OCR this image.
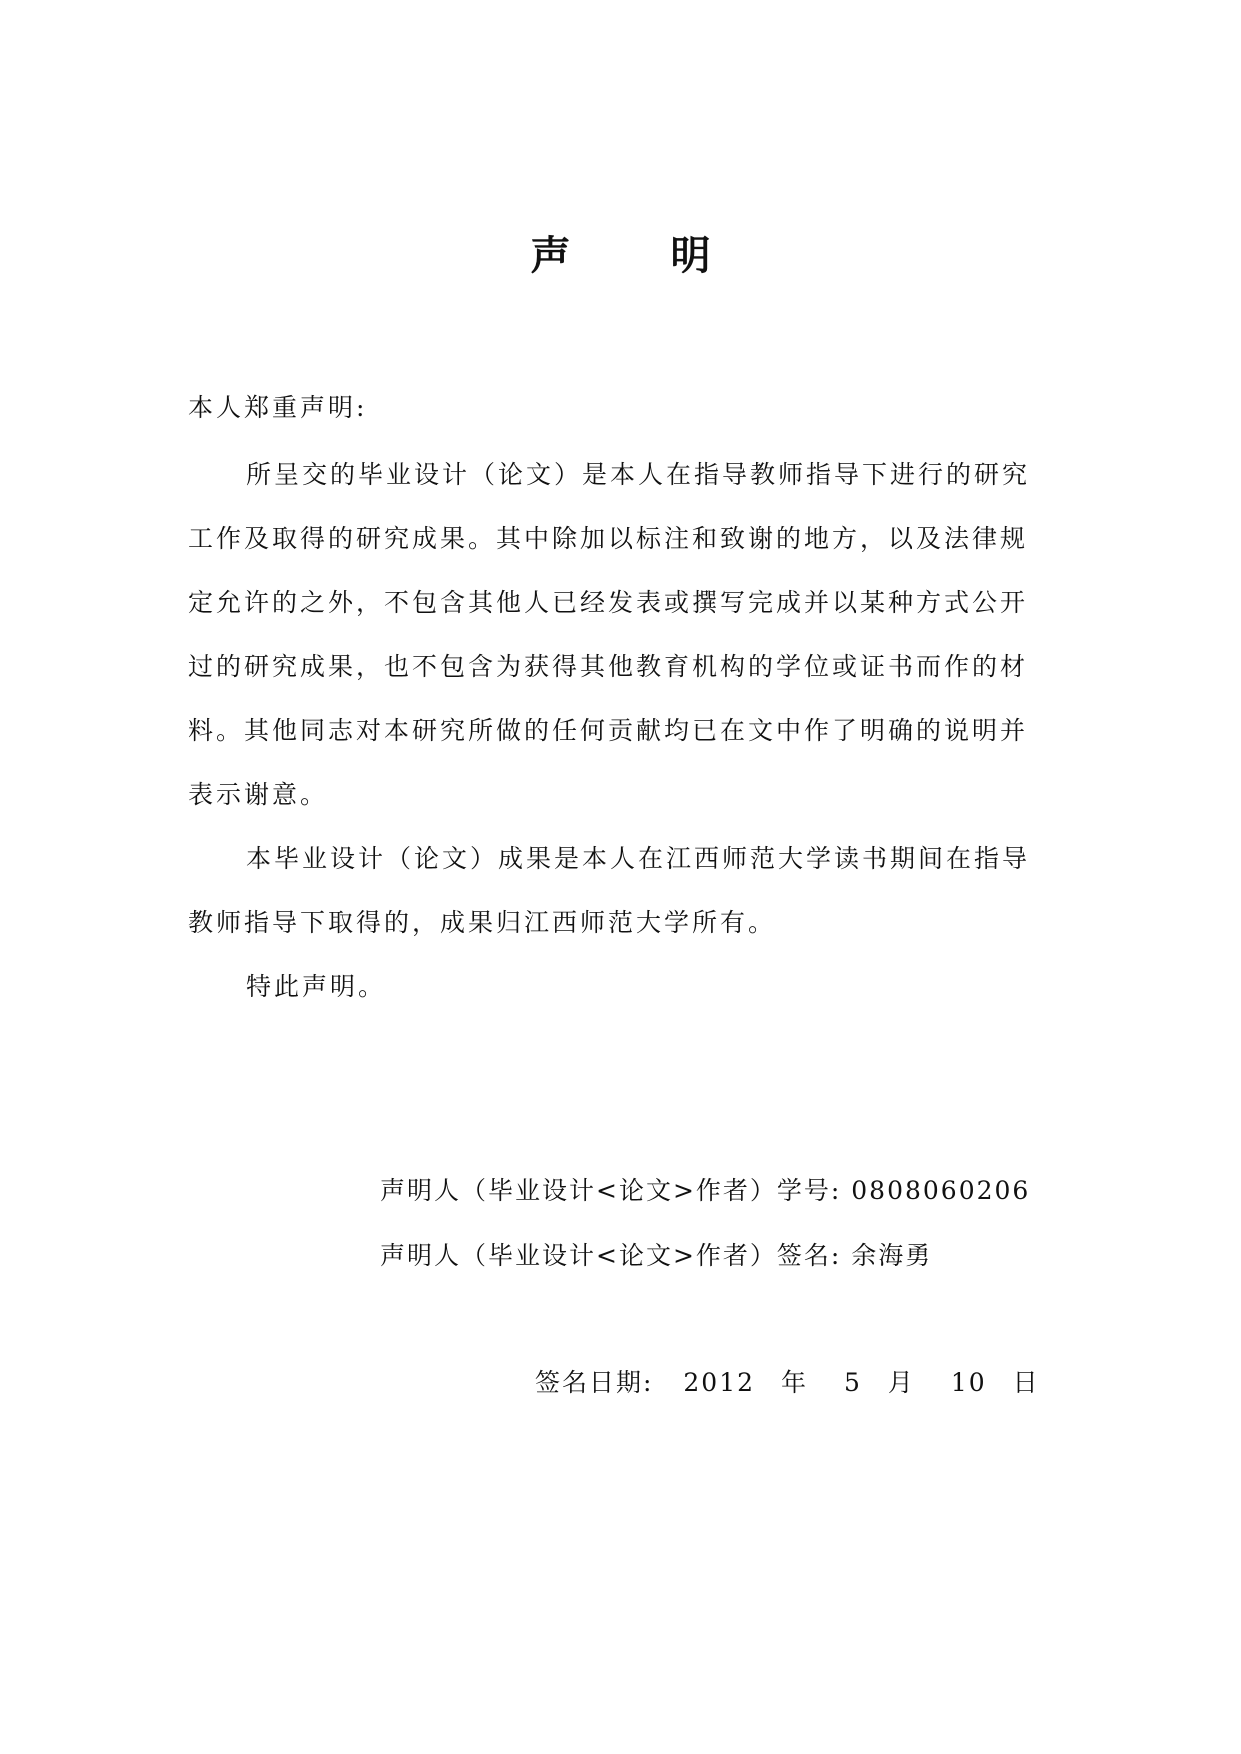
声	明
本人郑重声明:
所呈交的毕业设计（论文）是本人在指导教师指导下进行的研究工作及取得的研究成果。其中除加以标注和致谢的地方，以及法律规定允许的之外，不包含其他人已经发表或撰写完成并以某种方式公开过的研究成果，也不包含为获得其他教育机构的学位或证书而作的材料。其他同志对本研究所做的任何贡献均已在文中作了明确的说明并表示谢意。
本毕业设计（论文）成果是本人在江西师范大学读书期间在指导教师指导下取得的，成果归江西师范大学所有。
特此声明。
声明人（毕业设计<论文>作者）学号: 0808060206
声明人（毕业设计<论文>作者）签名: 余海勇
签名日期: 2012 年 5 月 10 日
